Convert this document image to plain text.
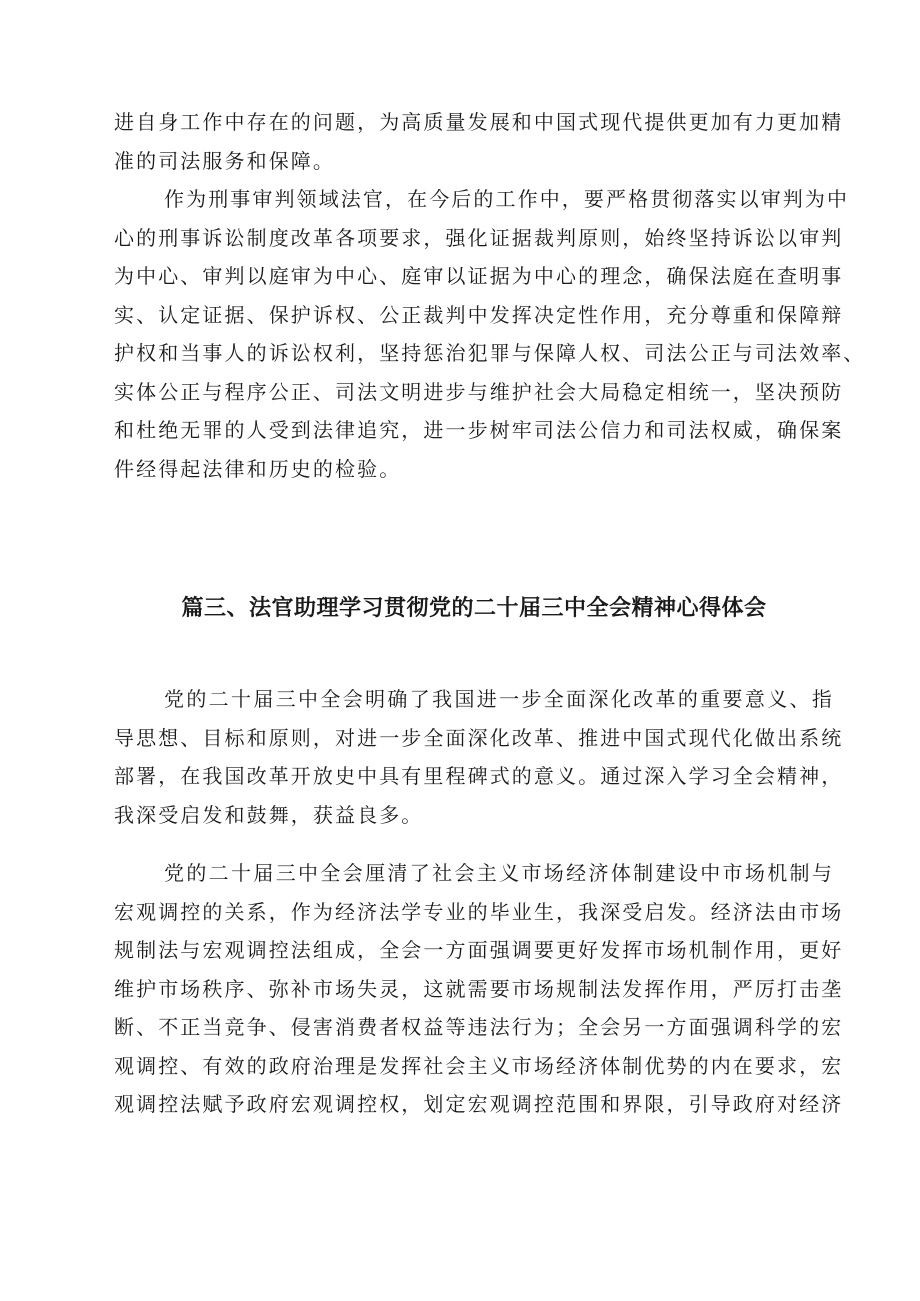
进自身工作中存在的问题，为高质量发展和中国式现代提供更加有力更加精
准的司法服务和保障。
作为刑事审判领域法官，在今后的工作中，要严格贯彻落实以审判为中
心的刑事诉讼制度改革各项要求，强化证据裁判原则，始终坚持诉讼以审判
为中心、审判以庭审为中心、庭审以证据为中心的理念，确保法庭在查明事
实、认定证据、保护诉权、公正裁判中发挥决定性作用，充分尊重和保障辩
护权和当事人的诉讼权利，坚持惩治犯罪与保障人权、司法公正与司法效率、
实体公正与程序公正、司法文明进步与维护社会大局稳定相统一，坚决预防
和杜绝无罪的人受到法律追究，进一步树牢司法公信力和司法权威，确保案
件经得起法律和历史的检验。
篇三、法官助理学习贯彻党的二十届三中全会精神心得体会
党的二十届三中全会明确了我国进一步全面深化改革的重要意义、指
导思想、目标和原则，对进一步全面深化改革、推进中国式现代化做出系统
部署，在我国改革开放史中具有里程碑式的意义。通过深入学习全会精神，
我深受启发和鼓舞，获益良多。
党的二十届三中全会厘清了社会主义市场经济体制建设中市场机制与
宏观调控的关系，作为经济法学专业的毕业生，我深受启发。经济法由市场
规制法与宏观调控法组成，全会一方面强调要更好发挥市场机制作用，更好
维护市场秩序、弥补市场失灵，这就需要市场规制法发挥作用，严厉打击垄
断、不正当竞争、侵害消费者权益等违法行为；全会另一方面强调科学的宏
观调控、有效的政府治理是发挥社会主义市场经济体制优势的内在要求，宏
观调控法赋予政府宏观调控权，划定宏观调控范围和界限，引导政府对经济
